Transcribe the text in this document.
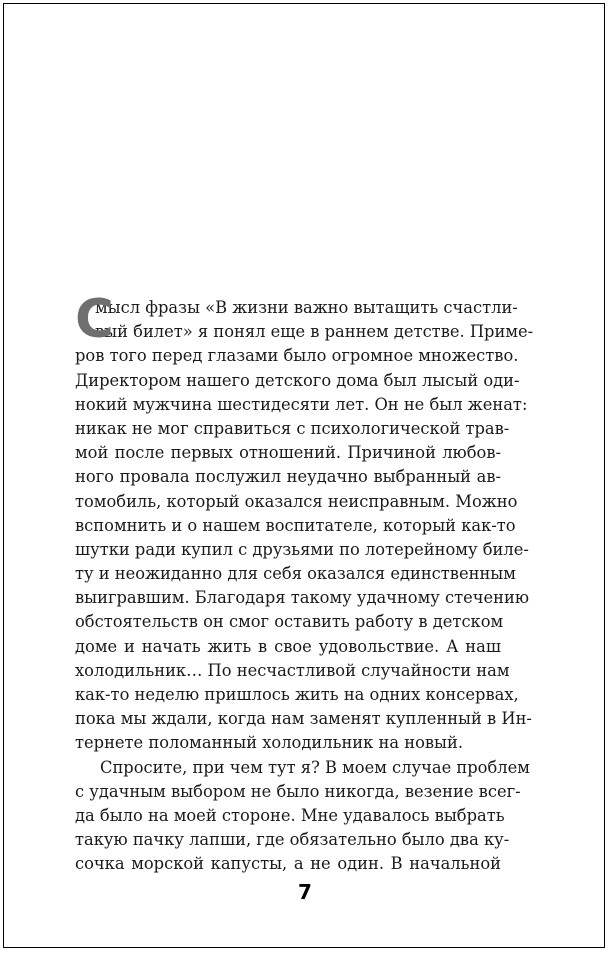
С
мысл фразы «В жизни важно вытащить счастли-
вый билет» я понял еще в раннем детстве. Приме-
ров того перед глазами было огромное множество.
Директором нашего детского дома был лысый оди-
нокий мужчина шестидесяти лет. Он не был женат:
никак не мог справиться с психологической трав-
мой после первых отношений. Причиной любов-
ного провала послужил неудачно выбранный ав-
томобиль, который оказался неисправным. Можно
вспомнить и о нашем воспитателе, который как-то
шутки ради купил с друзьями по лотерейному биле-
ту и неожиданно для себя оказался единственным
выигравшим. Благодаря такому удачному стечению
обстоятельств он смог оставить работу в детском
доме и начать жить в свое удовольствие. А наш
холодильник… По несчастливой случайности нам
как-то неделю пришлось жить на одних консервах,
пока мы ждали, когда нам заменят купленный в Ин-
тернете поломанный холодильник на новый.
Спросите, при чем тут я? В моем случае проблем
с удачным выбором не было никогда, везение всег-
да было на моей стороне. Мне удавалось выбрать
такую пачку лапши, где обязательно было два ку-
сочка морской капусты, а не один. В начальной
7
